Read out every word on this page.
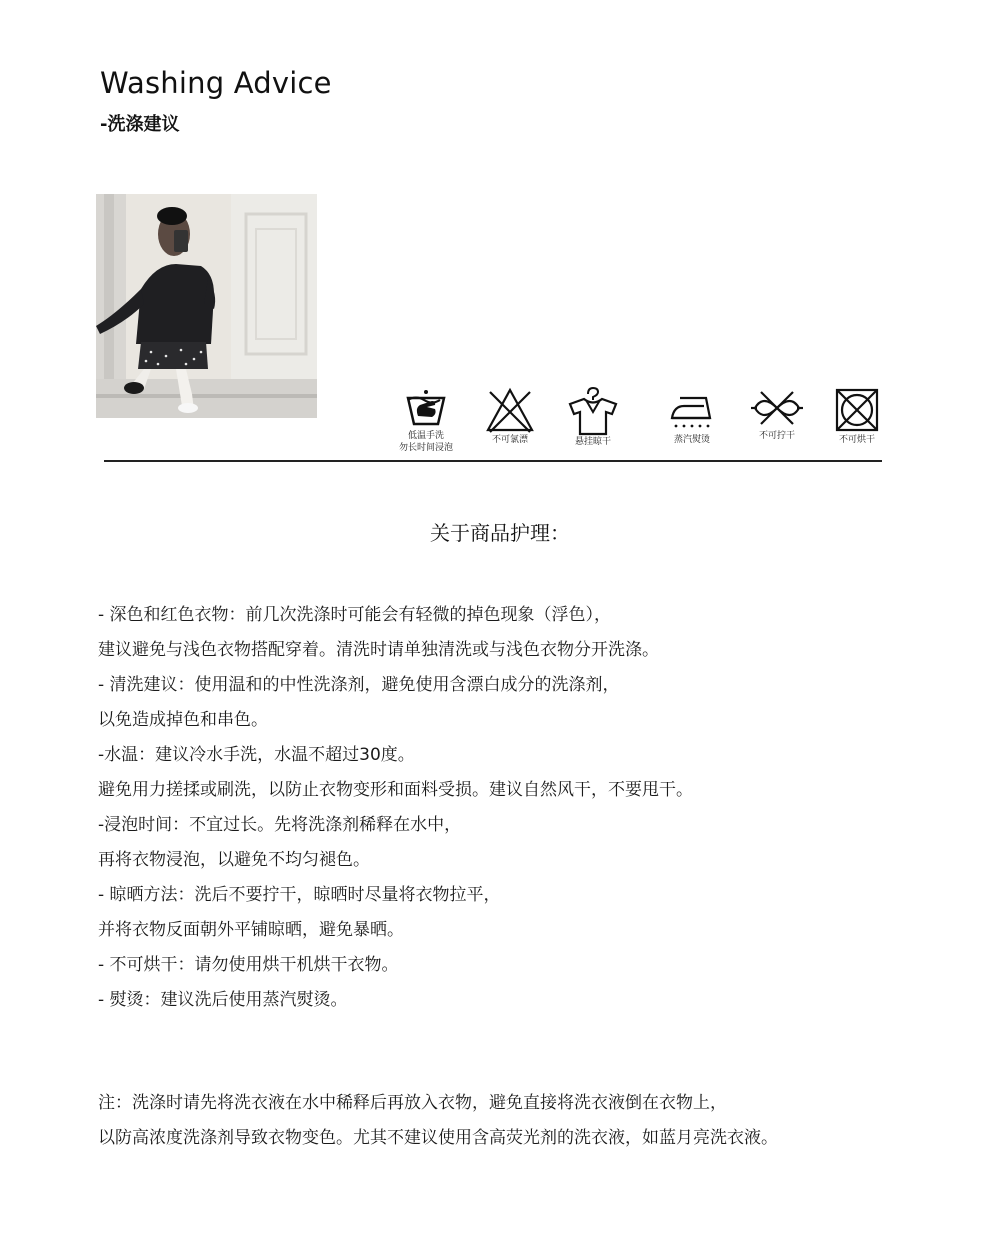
Washing Advice
-洗涤建议
低温手洗
勿长时间浸泡
不可氯漂	悬挂晾干	蒸汽熨烫	不可拧干	不可烘干
关于商品护理：
- 深色和红色衣物：前几次洗涤时可能会有轻微的掉色现象（浮色），
建议避免与浅色衣物搭配穿着。清洗时请单独清洗或与浅色衣物分开洗涤。
- 清洗建议：使用温和的中性洗涤剂，避免使用含漂白成分的洗涤剂，
以免造成掉色和串色。
-水温：建议冷水手洗，水温不超过30度。
避免用力搓揉或刷洗，以防止衣物变形和面料受损。建议自然风干，不要甩干。
-浸泡时间：不宜过长。先将洗涤剂稀释在水中，
再将衣物浸泡，以避免不均匀褪色。
- 晾晒方法：洗后不要拧干，晾晒时尽量将衣物拉平，
并将衣物反面朝外平铺晾晒，避免暴晒。
- 不可烘干：请勿使用烘干机烘干衣物。
- 熨烫：建议洗后使用蒸汽熨烫。
注：洗涤时请先将洗衣液在水中稀释后再放入衣物，避免直接将洗衣液倒在衣物上，
以防高浓度洗涤剂导致衣物变色。尤其不建议使用含高荧光剂的洗衣液，如蓝月亮洗衣液。
